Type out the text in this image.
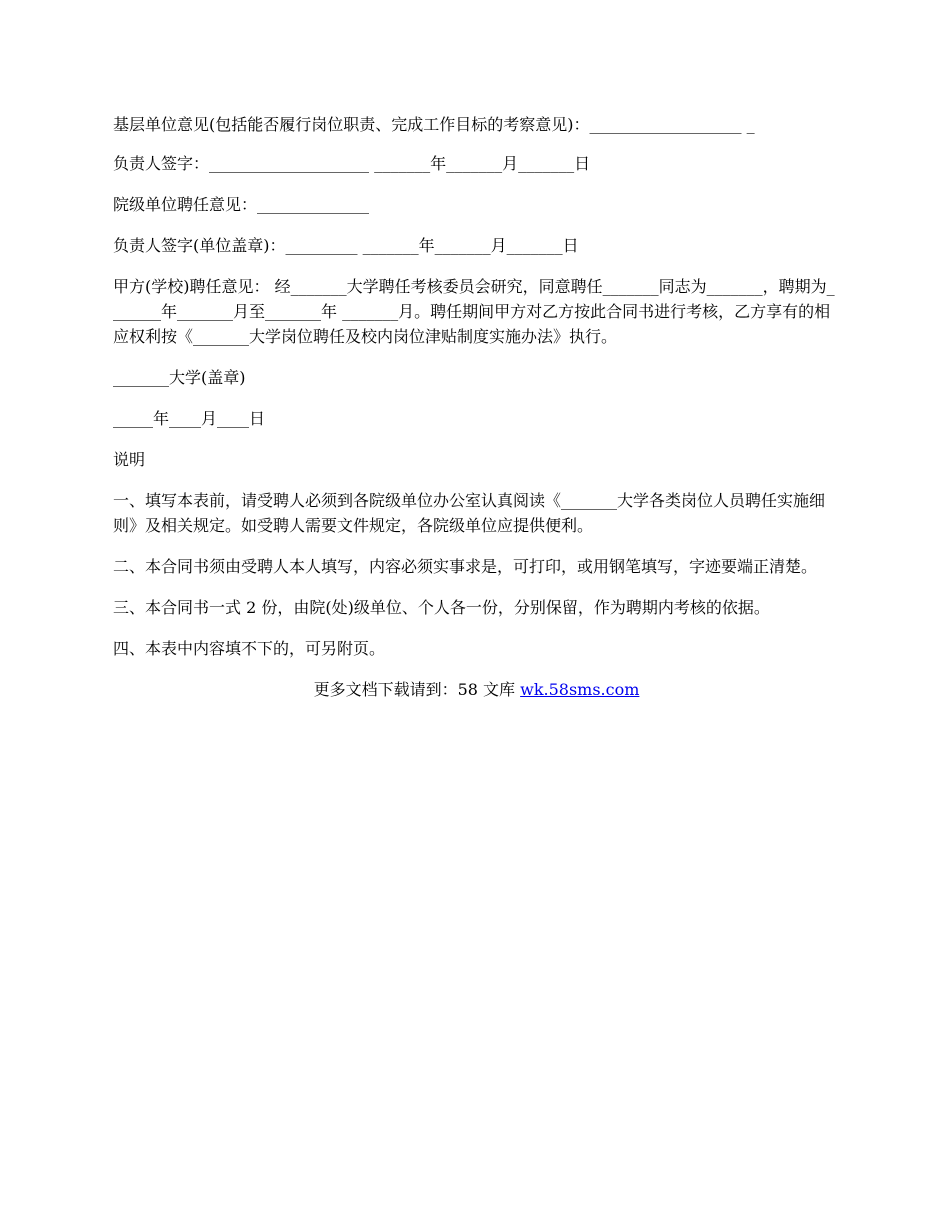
基层单位意见(包括能否履行岗位职责、完成工作目标的考察意见)：___________________ _

负责人签字：____________________ _______年_______月_______日

院级单位聘任意见：______________

负责人签字(单位盖章)：_________ _______年_______月_______日

甲方(学校)聘任意见： 经_______大学聘任考核委员会研究，同意聘任_______同志为_______，聘期为_______年_______月至_______年 _______月。聘任期间甲方对乙方按此合同书进行考核，乙方享有的相应权利按《_______大学岗位聘任及校内岗位津贴制度实施办法》执行。

_______大学(盖章)

_____年____月____日

说明

一、填写本表前，请受聘人必须到各院级单位办公室认真阅读《_______大学各类岗位人员聘任实施细则》及相关规定。如受聘人需要文件规定，各院级单位应提供便利。

二、本合同书须由受聘人本人填写，内容必须实事求是，可打印，或用钢笔填写，字迹要端正清楚。

三、本合同书一式 2 份，由院(处)级单位、个人各一份，分别保留，作为聘期内考核的依据。

四、本表中内容填不下的，可另附页。

更多文档下载请到：58 文库 wk.58sms.com
